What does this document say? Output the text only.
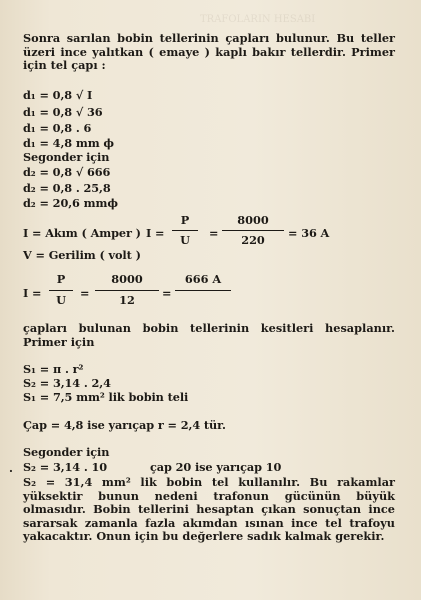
TRAFOLARIN HESABI
Sonra sarılan bobin tellerinin çapları bulunur. Bu teller üzeri ince yalıtkan ( emaye ) kaplı bakır tellerdir. Primer için tel çapı :
d₁ = 0,8 √ I
d₁ = 0,8 √ 36
d₁ = 0,8 . 6
d₁ = 4,8 mm ϕ
Segonder için
d₂ = 0,8 √ 666
d₂ = 0,8 . 25,8
d₂ = 20,6 mmϕ
I = Akım ( Amper ) I =
P
U	=
8000
220	= 36 A
V = Gerilim ( volt )
I =
P
U	=
8000
12	=
666 A
çapları bulunan bobin tellerinin kesitleri hesaplanır. Primer için
S₁ = π . r²
S₂ = 3,14 . 2,4
S₁ = 7,5 mm² lik bobin teli
Çap = 4,8 ise yarıçap r = 2,4 tür.
Segonder için
. S₂ = 3,14 . 10	çap 20 ise yarıçap 10
S₂ = 31,4 mm² lik bobin tel kullanılır. Bu rakamlar yüksektir bunun nedeni trafonun gücünün büyük olmasıdır. Bobin tellerini hesaptan çıkan sonuçtan ince sararsak zamanla fazla akımdan ısınan ince tel trafoyu yakacaktır. Onun için bu değerlere sadık kalmak gerekir.
